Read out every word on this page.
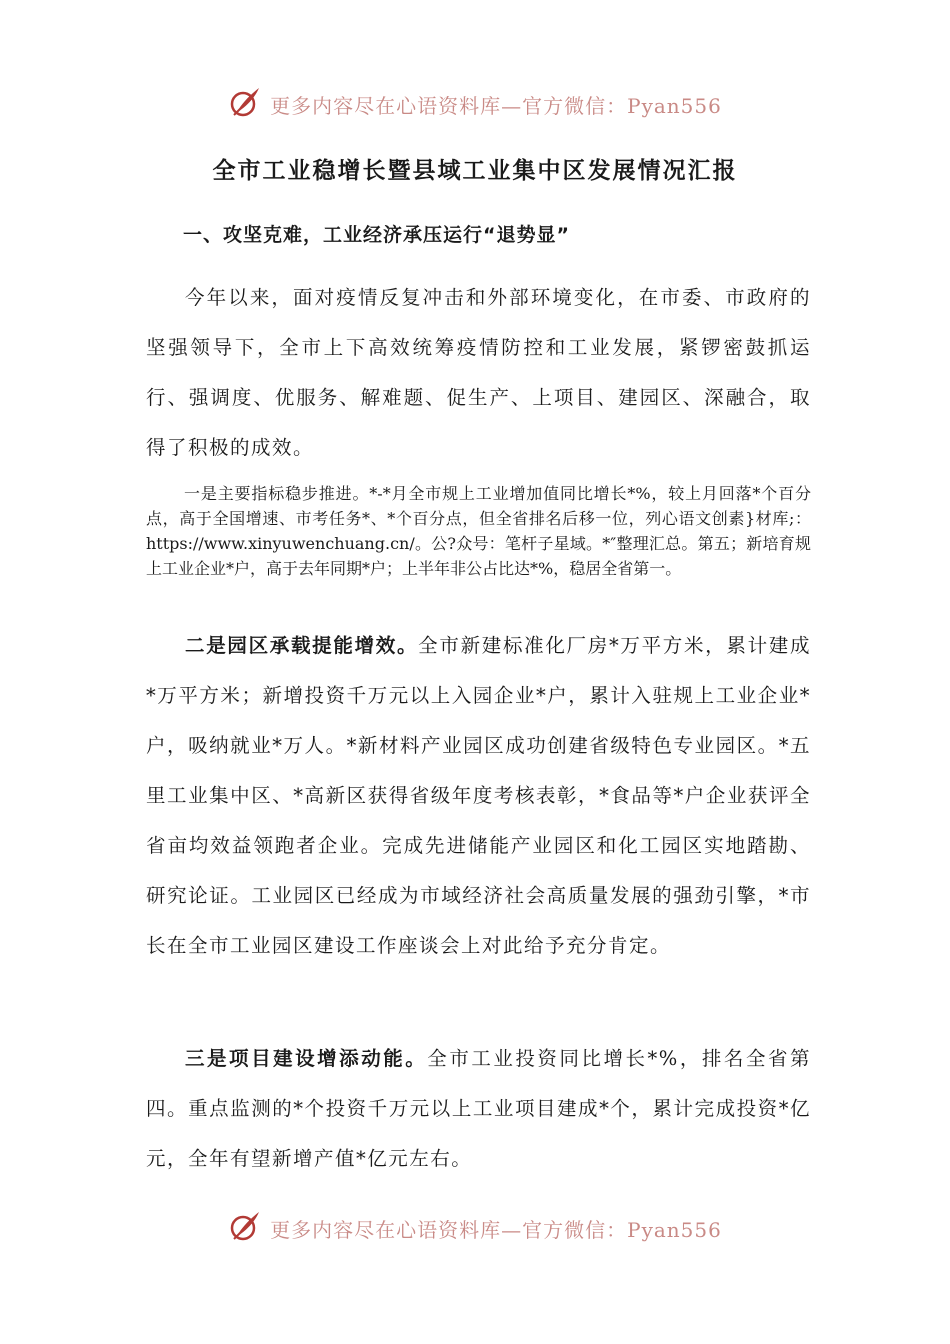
更多内容尽在心语资料库—官方微信：Pyan556
全市工业稳增长暨县域工业集中区发展情况汇报
一、攻坚克难，工业经济承压运行“退势显”

今年以来，面对疫情反复冲击和外部环境变化，在市委、市政府的坚强领导下，全市上下高效统筹疫情防控和工业发展，紧锣密鼓抓运行、强调度、优服务、解难题、促生产、上项目、建园区、深融合，取得了积极的成效。

一是主要指标稳步推进。*-*月全市规上工业增加值同比增长*%，较上月回落*个百分点，高于全国增速、市考任务*、*个百分点，但全省排名后移一位，列心语文创素}材库;：https://www.xinyuwenchuang.cn/。公?众号：笔杆子星域。*″整理汇总。第五；新培育规上工业企业*户，高于去年同期*户；上半年非公占比达*%，稳居全省第一。

二是园区承载提能增效。全市新建标准化厂房*万平方米，累计建成*万平方米；新增投资千万元以上入园企业*户，累计入驻规上工业企业*户，吸纳就业*万人。*新材料产业园区成功创建省级特色专业园区。*五里工业集中区、*高新区获得省级年度考核表彰，*食品等*户企业获评全省亩均效益领跑者企业。完成先进储能产业园区和化工园区实地踏勘、研究论证。工业园区已经成为市域经济社会高质量发展的强劲引擎，*市长在全市工业园区建设工作座谈会上对此给予充分肯定。

三是项目建设增添动能。全市工业投资同比增长*%，排名全省第四。重点监测的*个投资千万元以上工业项目建成*个，累计完成投资*亿元，全年有望新增产值*亿元左右。

更多内容尽在心语资料库—官方微信：Pyan556
